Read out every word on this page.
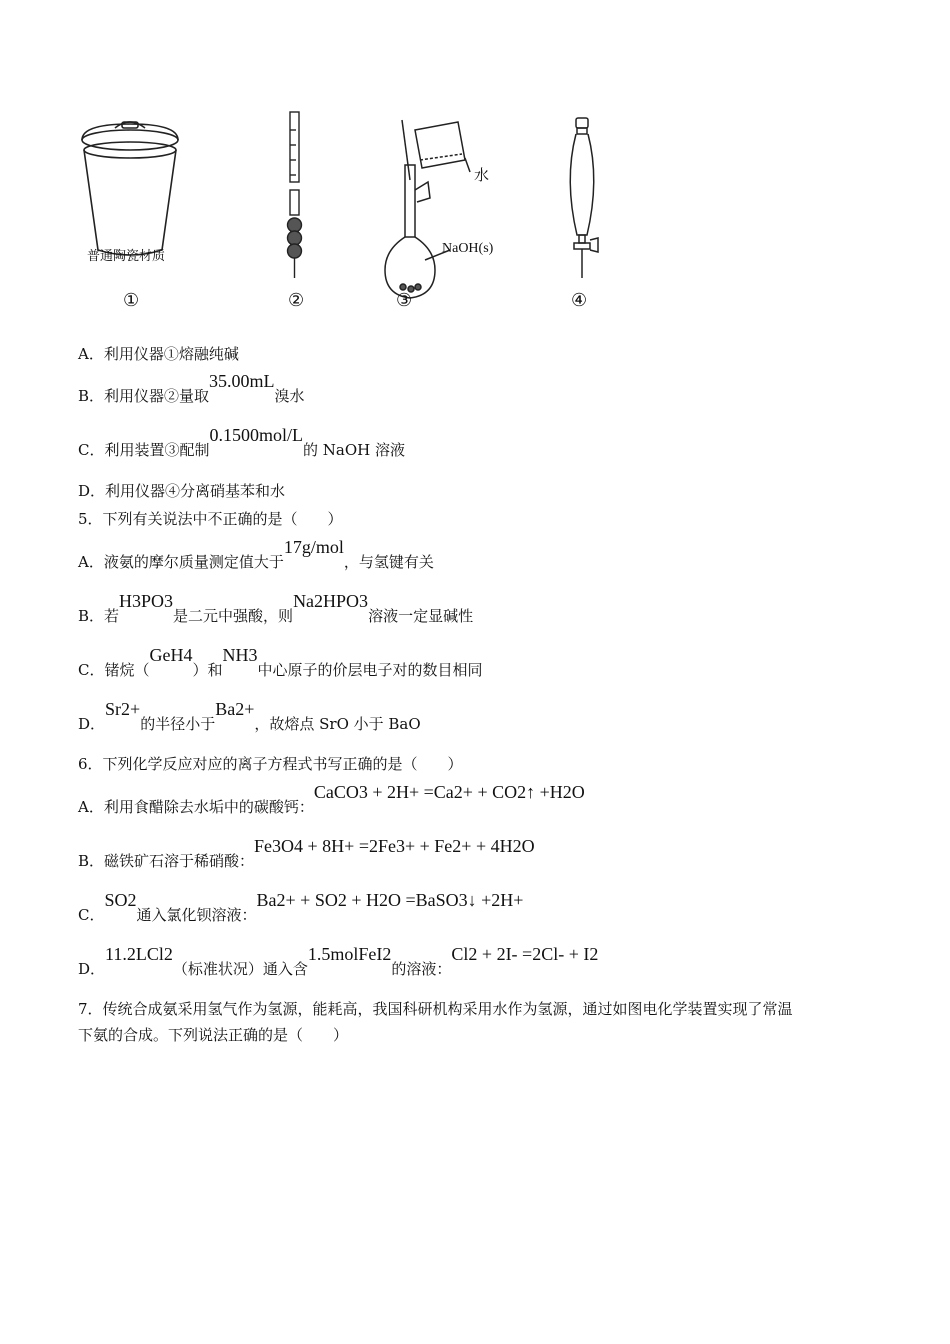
普通陶瓷材质
水
NaOH(s)
①	②	③	④
A．利用仪器①熔融纯碱
B．利用仪器②量取35.00mL溴水
C．利用装置③配制0.1500mol/L的 NaOH 溶液
D．利用仪器④分离硝基苯和水
5．下列有关说法中不正确的是（　　）
A．液氨的摩尔质量测定值大于17g/mol，与氢键有关
B．若H3PO3是二元中强酸，则Na2HPO3溶液一定显碱性
C．锗烷（GeH4）和NH3中心原子的价层电子对的数目相同
D．Sr2+的半径小于Ba2+，故熔点 SrO 小于 BaO
6．下列化学反应对应的离子方程式书写正确的是（　　）
A．利用食醋除去水垢中的碳酸钙：CaCO3 + 2H+ =Ca2+ + CO2↑ +H2O
B．磁铁矿石溶于稀硝酸：Fe3O4 + 8H+ =2Fe3+ + Fe2+ + 4H2O
C．SO2通入氯化钡溶液：Ba2+ + SO2 + H2O =BaSO3↓ +2H+
D．11.2LCl2（标准状况）通入含1.5molFeI2的溶液：Cl2 + 2I- =2Cl- + I2
7．传统合成氨采用氢气作为氢源，能耗高，我国科研机构采用水作为氢源，通过如图电化学装置实现了常温
下氨的合成。下列说法正确的是（　　）
